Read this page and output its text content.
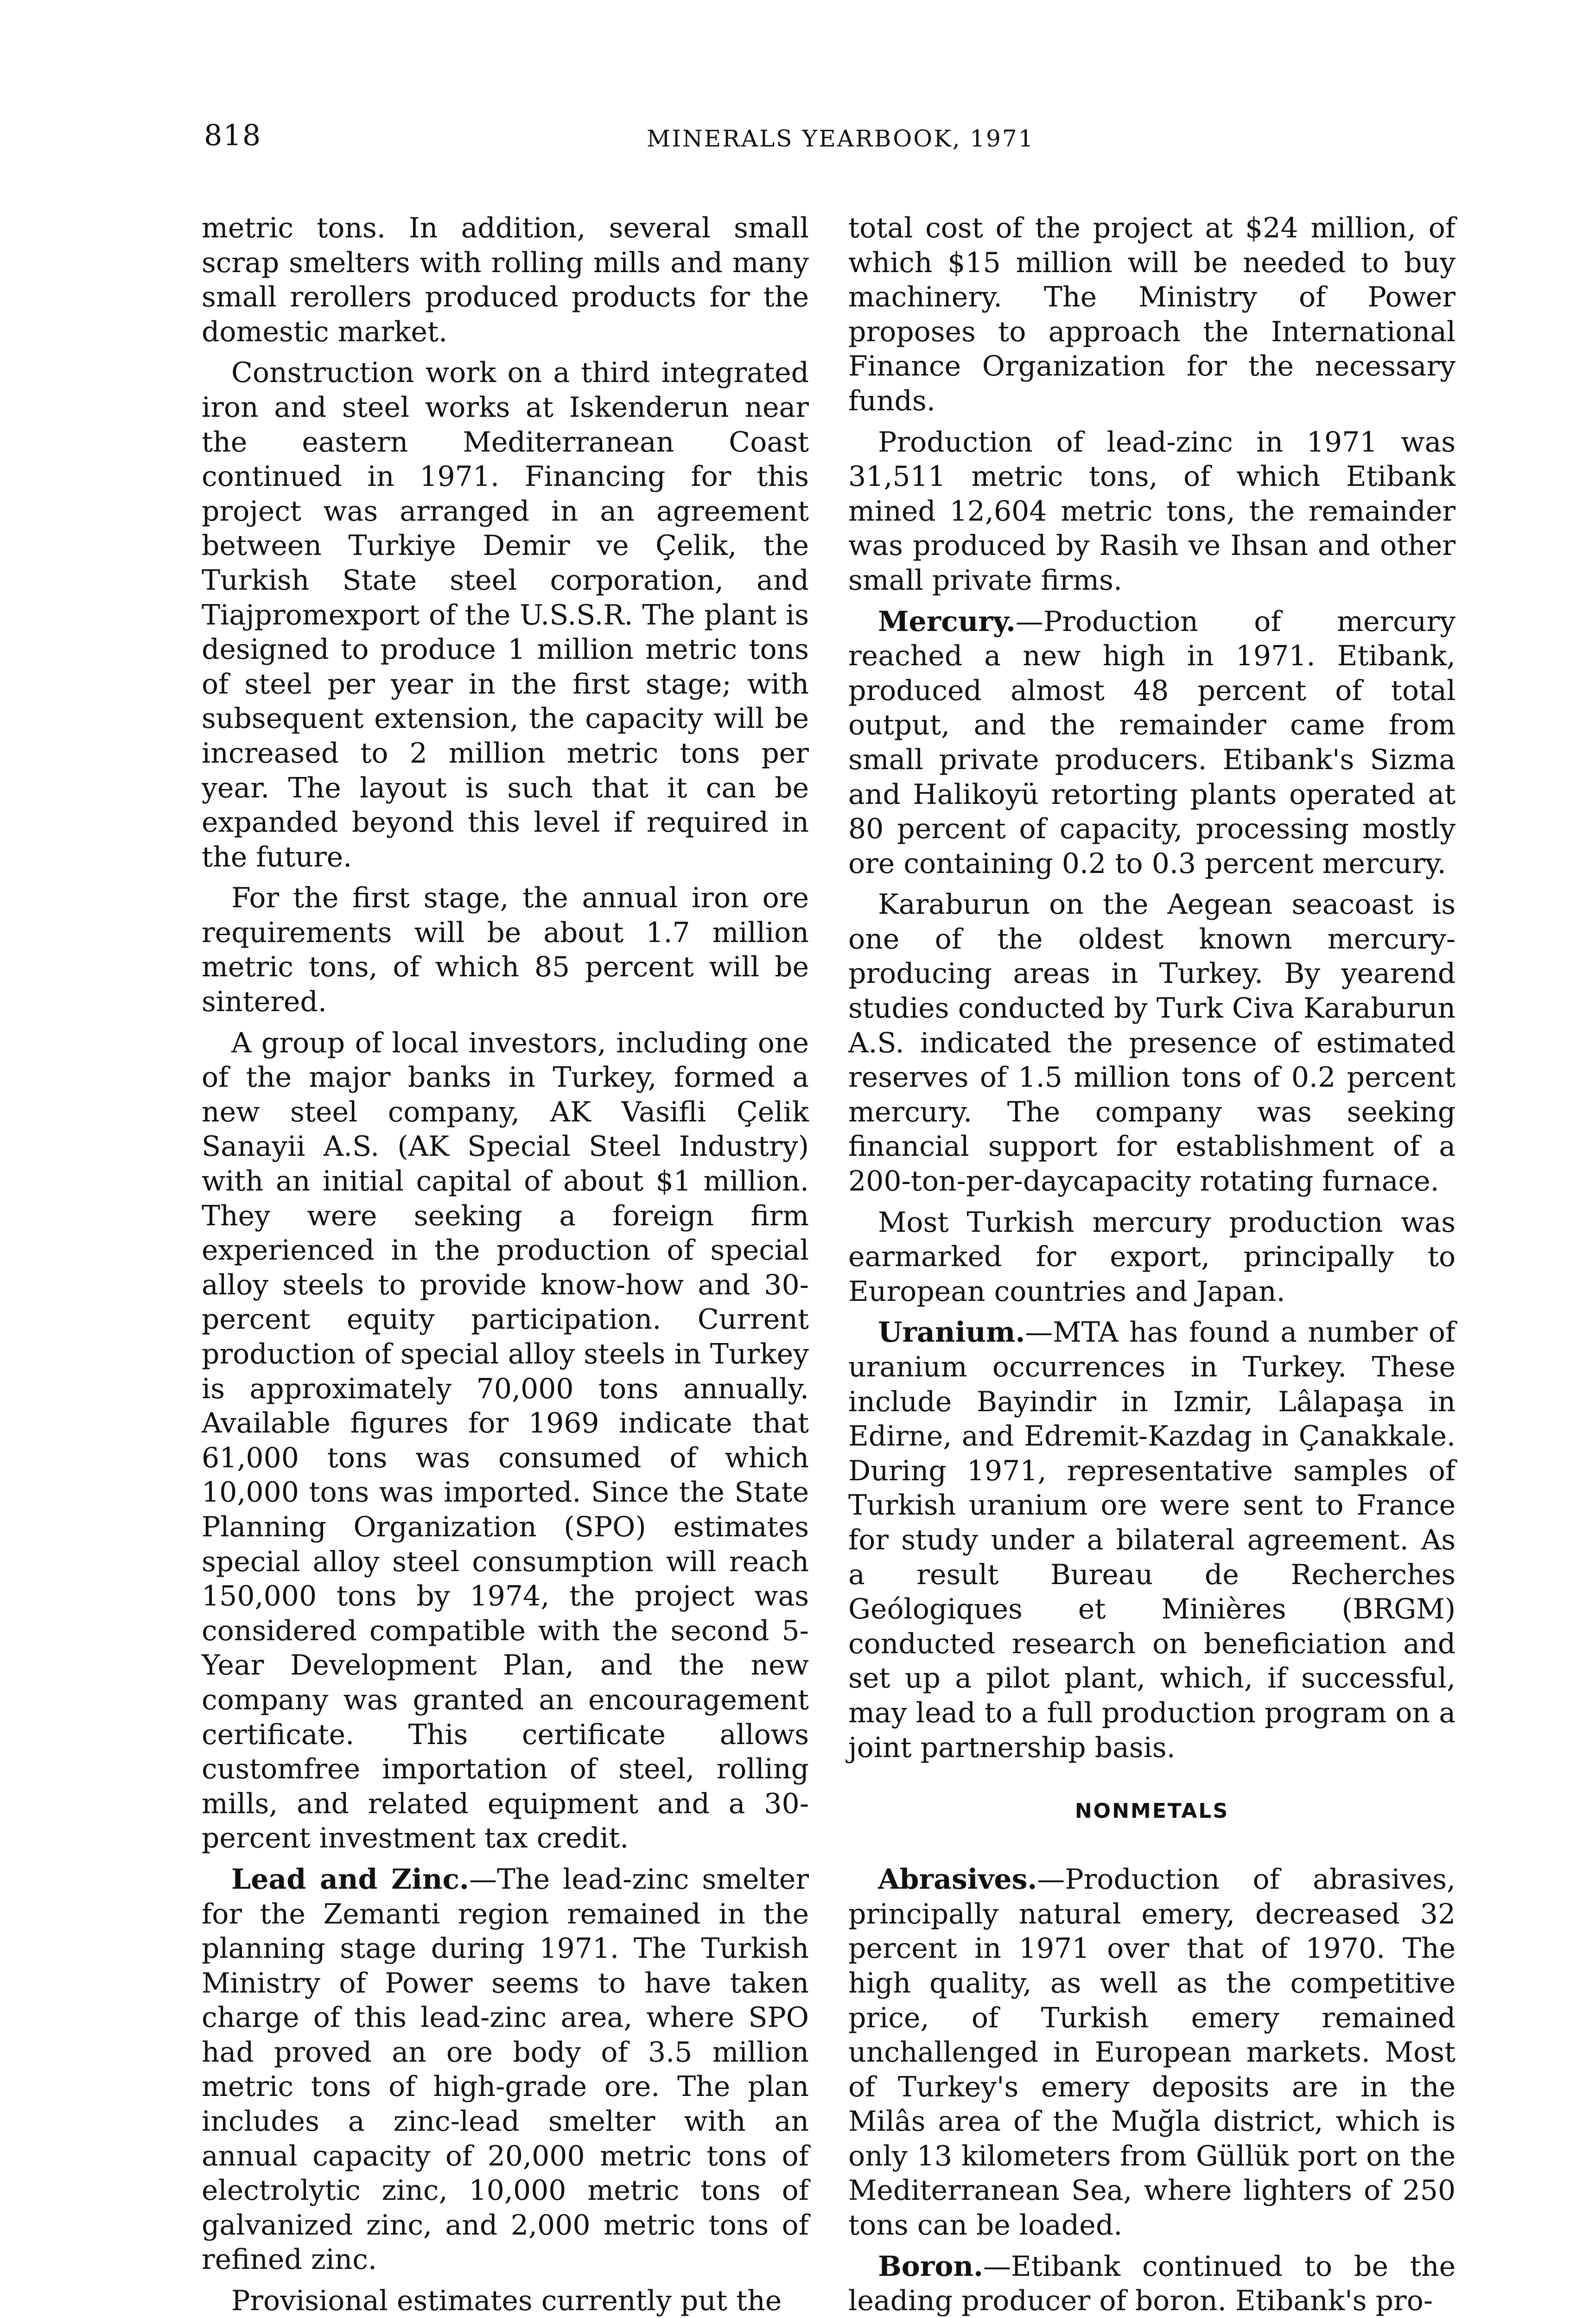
818	MINERALS YEARBOOK, 1971

metric tons. In addition, several small scrap smelters with rolling mills and many small rerollers produced products for the domestic market.

Construction work on a third integrated iron and steel works at Iskenderun near the eastern Mediterranean Coast continued in 1971. Financing for this project was arranged in an agreement between Turkiye Demir ve Çelik, the Turkish State steel corporation, and Tiajpromexport of the U.S.S.R. The plant is designed to produce 1 million metric tons of steel per year in the first stage; with subsequent extension, the capacity will be increased to 2 million metric tons per year. The layout is such that it can be expanded beyond this level if required in the future.

For the first stage, the annual iron ore requirements will be about 1.7 million metric tons, of which 85 percent will be sintered.

A group of local investors, including one of the major banks in Turkey, formed a new steel company, AK Vasifli Çelik Sanayii A.S. (AK Special Steel Industry) with an initial capital of about $1 million. They were seeking a foreign firm experienced in the production of special alloy steels to provide know-how and 30-percent equity participation. Current production of special alloy steels in Turkey is approximately 70,000 tons annually. Available figures for 1969 indicate that 61,000 tons was consumed of which 10,000 tons was imported. Since the State Planning Organization (SPO) estimates special alloy steel consumption will reach 150,000 tons by 1974, the project was considered compatible with the second 5-Year Development Plan, and the new company was granted an encouragement certificate. This certificate allows customfree importation of steel, rolling mills, and related equipment and a 30-percent investment tax credit.

Lead and Zinc.—The lead-zinc smelter for the Zemanti region remained in the planning stage during 1971. The Turkish Ministry of Power seems to have taken charge of this lead-zinc area, where SPO had proved an ore body of 3.5 million metric tons of high-grade ore. The plan includes a zinc-lead smelter with an annual capacity of 20,000 metric tons of electrolytic zinc, 10,000 metric tons of galvanized zinc, and 2,000 metric tons of refined zinc.

Provisional estimates currently put the

total cost of the project at $24 million, of which $15 million will be needed to buy machinery. The Ministry of Power proposes to approach the International Finance Organization for the necessary funds.

Production of lead-zinc in 1971 was 31,511 metric tons, of which Etibank mined 12,604 metric tons, the remainder was produced by Rasih ve Ihsan and other small private firms.

Mercury.—Production of mercury reached a new high in 1971. Etibank, produced almost 48 percent of total output, and the remainder came from small private producers. Etibank's Sizma and Halikoyü retorting plants operated at 80 percent of capacity, processing mostly ore containing 0.2 to 0.3 percent mercury.

Karaburun on the Aegean seacoast is one of the oldest known mercury-producing areas in Turkey. By yearend studies conducted by Turk Civa Karaburun A.S. indicated the presence of estimated reserves of 1.5 million tons of 0.2 percent mercury. The company was seeking financial support for establishment of a 200-ton-per-daycapacity rotating furnace.

Most Turkish mercury production was earmarked for export, principally to European countries and Japan.

Uranium.—MTA has found a number of uranium occurrences in Turkey. These include Bayindir in Izmir, Lâlapaşa in Edirne, and Edremit-Kazdag in Çanakkale. During 1971, representative samples of Turkish uranium ore were sent to France for study under a bilateral agreement. As a result Bureau de Recherches Geólogiques et Minières (BRGM) conducted research on beneficiation and set up a pilot plant, which, if successful, may lead to a full production program on a joint partnership basis.

NONMETALS

Abrasives.—Production of abrasives, principally natural emery, decreased 32 percent in 1971 over that of 1970. The high quality, as well as the competitive price, of Turkish emery remained unchallenged in European markets. Most of Turkey's emery deposits are in the Milâs area of the Muğla district, which is only 13 kilometers from Güllük port on the Mediterranean Sea, where lighters of 250 tons can be loaded.

Boron.—Etibank continued to be the leading producer of boron. Etibank's pro-
